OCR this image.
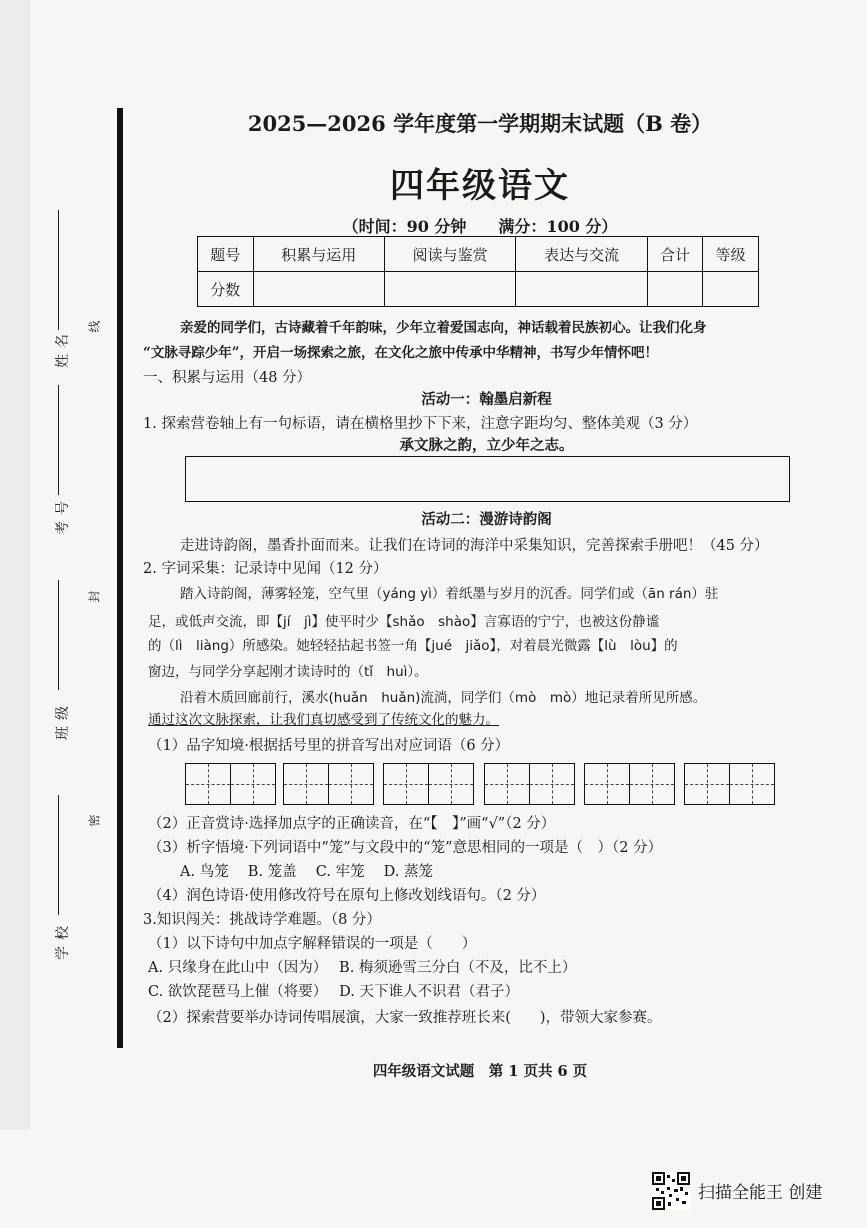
姓名
考号
班级
学校
线
封
密
2025—2026 学年度第一学期期末试题（B 卷）
四年级语文
（时间：90 分钟　　满分：100 分）
题号	积累与运用	阅读与鉴赏	表达与交流	合计	等级
分数					
亲爱的同学们，古诗藏着千年韵味，少年立着爱国志向，神话载着民族初心。让我们化身
“文脉寻踪少年”，开启一场探索之旅，在文化之旅中传承中华精神，书写少年情怀吧！
一、积累与运用（48 分）
活动一：翰墨启新程
1. 探索营卷轴上有一句标语，请在横格里抄下下来，注意字距均匀、整体美观（3 分）
承文脉之韵，立少年之志。
活动二：漫游诗韵阁
走进诗韵阁，墨香扑面而来。让我们在诗词的海洋中采集知识，完善探索手册吧！（45 分）
2. 字词采集：记录诗中见闻（12 分）
踏入诗韵阁，薄雾轻笼，空气里（yáng yì）着纸墨与岁月的沉香。同学们或（ān rán）驻
足，或低声交流，即【jí　jì】使平时少【shǎo　shào】言寡语的宁宁，也被这份静谧
的（lì　liàng）所感染。她轻轻拈起书签一角【jué　jiǎo】，对着晨光微露【lù　lòu】的
窗边，与同学分享起刚才读诗时的（tǐ　huì）。
沿着木质回廊前行，溪水(huǎn　huǎn)流淌，同学们（mò　mò）地记录着所见所感。
通过这次文脉探索，让我们真切感受到了传统文化的魅力。
（1）品字知境·根据括号里的拼音写出对应词语（6 分）
（2）正音赏诗·选择加点字的正确读音，在“【　】”画“√”（2 分）
（3）析字悟境·下列词语中“笼”与文段中的“笼”意思相同的一项是（　）（2 分）
A. 鸟笼　 B. 笼盖　 C. 牢笼　 D. 蒸笼
（4）润色诗语·使用修改符号在原句上修改划线语句。（2 分）
3.知识闯关：挑战诗学难题。（8 分）
（1）以下诗句中加点字解释错误的一项是（　　）
A. 只缘身在此山中（因为）　 B. 梅须逊雪三分白（不及，比不上）
C. 欲饮琵琶马上催（将要）　 D. 天下谁人不识君（君子）
（2）探索营要举办诗词传唱展演，大家一致推荐班长来(　　)，带领大家参赛。
四年级语文试题　第 1 页共 6 页
扫描全能王 创建
